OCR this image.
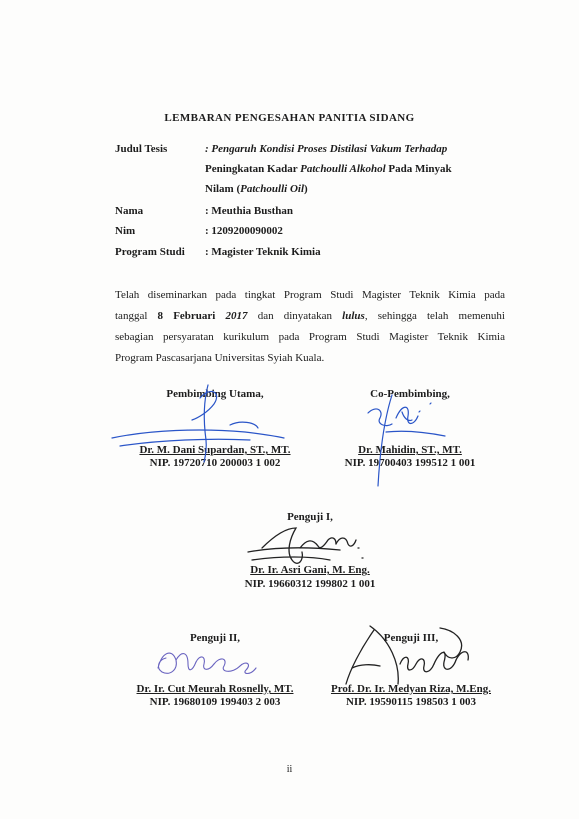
LEMBARAN PENGESAHAN PANITIA SIDANG
Judul Tesis	: Pengaruh Kondisi Proses Distilasi Vakum Terhadap
Peningkatan Kadar Patchoulli Alkohol Pada Minyak
Nilam (Patchoulli Oil)
Nama	: Meuthia Busthan
Nim	: 1209200090002
Program Studi : Magister Teknik Kimia
Telah diseminarkan pada tingkat Program Studi Magister Teknik Kimia pada
tanggal 8 Februari 2017 dan dinyatakan lulus, sehingga telah memenuhi
sebagian persyaratan kurikulum pada Program Studi Magister Teknik Kimia
Program Pascasarjana Universitas Syiah Kuala.
Pembimbing Utama,
Dr. M. Dani Supardan, ST., MT.
NIP. 19720710 200003 1 002
Co-Pembimbing,
Dr. Mahidin, ST., MT.
NIP. 19700403 199512 1 001
Penguji I,
Dr. Ir. Asri Gani, M. Eng.
NIP. 19660312 199802 1 001
Penguji II,
Dr. Ir. Cut Meurah Rosnelly, MT.
NIP. 19680109 199403 2 003
Penguji III,
Prof. Dr. Ir. Medyan Riza, M.Eng.
NIP. 19590115 198503 1 003
ii
